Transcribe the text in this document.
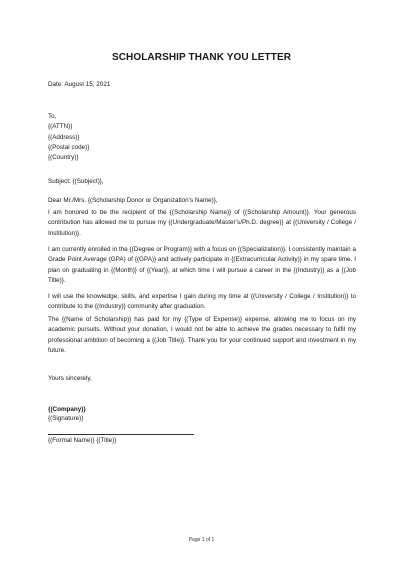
SCHOLARSHIP THANK YOU LETTER
Date: August 15, 2021
To,
{(ATTN)}
{(Address)}
{(Postal code)}
{(Country)}
Subject: {(Subject)},
Dear Mr./Mrs. {(Scholarship Donor or Organization’s Name)},
I am honored to be the recipient of the {(Scholarship Name)} of {(Scholarship Amount)}. Your generous contribution has allowed me to pursue my {(Undergraduate/Master’s/Ph.D. degree)} at {(University / College / Institution)}.
I am currently enrolled in the {(Degree or Program)} with a focus on {(Specialization)}. I consistently maintain a Grade Point Average (GPA) of {(GPA)} and actively participate in {(Extracurricular Activity)} in my spare time. I plan on graduating in {(Month)} of {(Year)}, at which time I will pursue a career in the {(Industry)} as a {(Job Title)}.
I will use the knowledge, skills, and expertise I gain during my time at {(University / College / Institution)} to contribute to the {(Industry)} community after graduation.
The {(Name of Scholarship)} has paid for my {(Type of Expense)} expense, allowing me to focus on my academic pursuits. Without your donation, I would not be able to achieve the grades necessary to fulfil my professional ambition of becoming a {(Job Title)}. Thank you for your continued support and investment in my future.
Yours sincerely,
{(Company)}
{(Signature)}
{(Formal Name)} {(Title)}
Page 1 of 1
